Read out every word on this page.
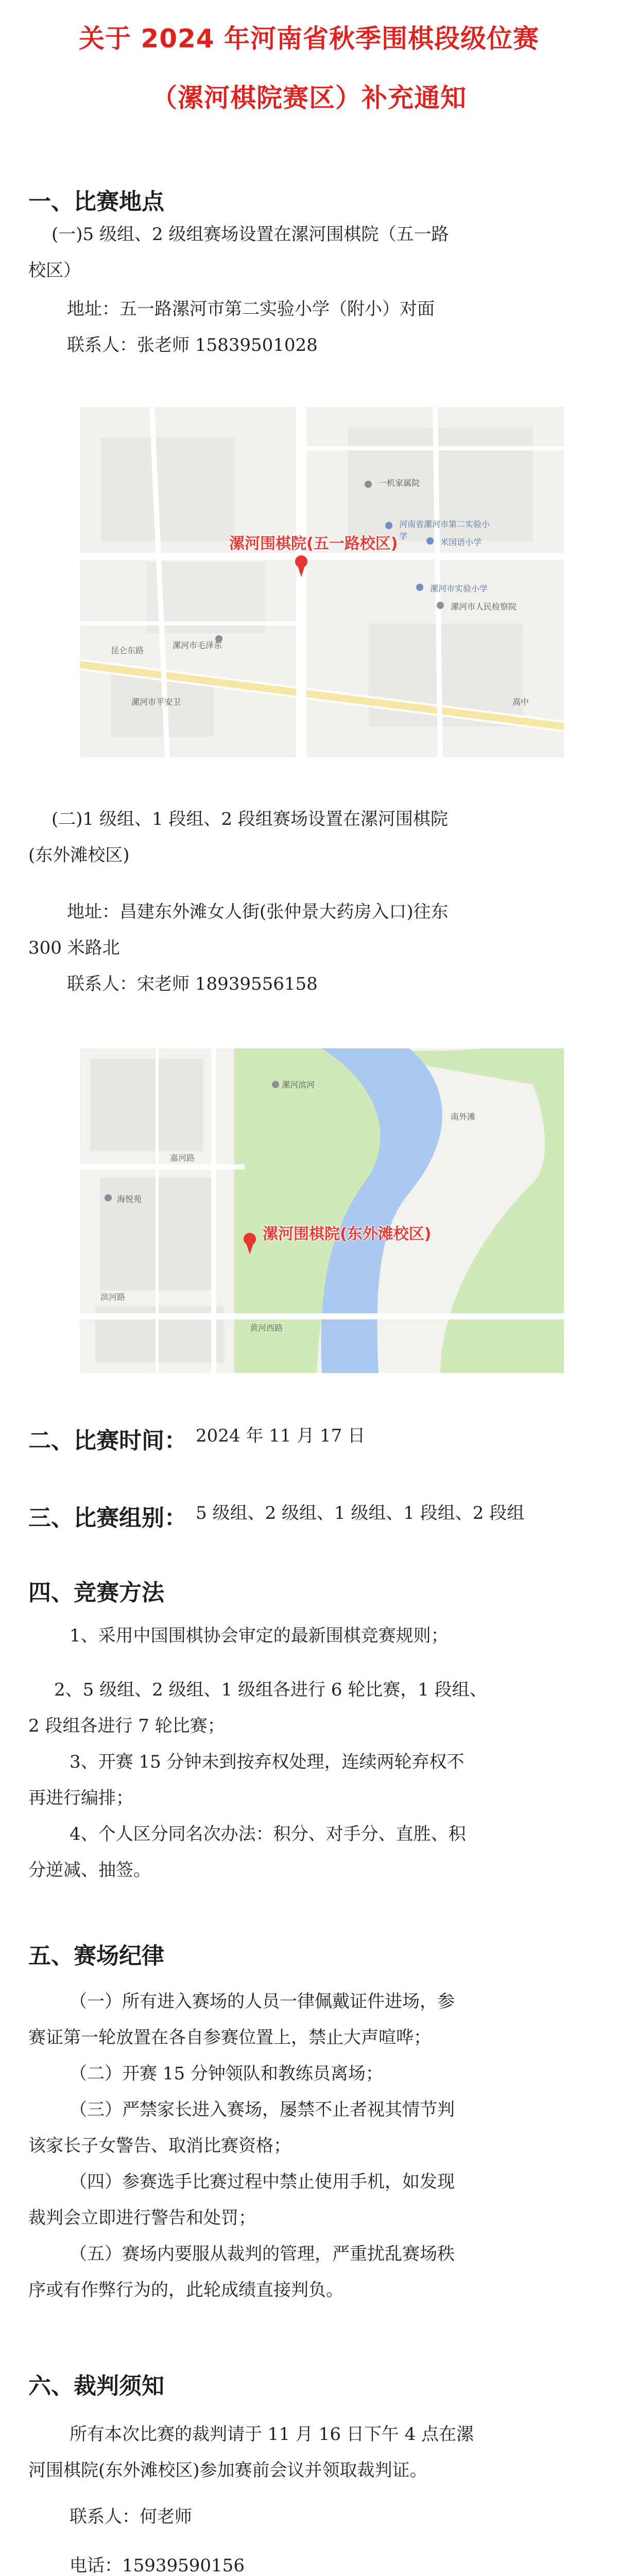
关于 2024 年河南省秋季围棋段级位赛
（漯河棋院赛区）补充通知
一、比赛地点
(一)5 级组、2 级组赛场设置在漯河围棋院（五一路
校区）
地址：五一路漯河市第二实验小学（附小）对面
联系人：张老师 15839501028
一机家属院
河南省漯河市第二实验小学
米国语小学
漯河市实验小学
漯河市人民检察院
昆仑东路
漯河市毛泽东
漯河市平安卫	高中
漯河围棋院(五一路校区)
(二)1 级组、1 段组、2 段组赛场设置在漯河围棋院
(东外滩校区)
地址：昌建东外滩女人街(张仲景大药房入口)往东
300 米路北
联系人：宋老师 18939556158
漯河滨河
南外滩
嘉河路
海悦苑
滨河路
黄河西路
漯河围棋院(东外滩校区)
二、比赛时间： 2024 年 11 月 17 日
三、比赛组别： 5 级组、2 级组、1 级组、1 段组、2 段组
四、竞赛方法
1、采用中国围棋协会审定的最新围棋竞赛规则；
2、5 级组、2 级组、1 级组各进行 6 轮比赛，1 段组、
2 段组各进行 7 轮比赛；
3、开赛 15 分钟未到按弃权处理，连续两轮弃权不
再进行编排；
4、个人区分同名次办法：积分、对手分、直胜、积
分逆减、抽签。
五、赛场纪律
（一）所有进入赛场的人员一律佩戴证件进场，参
赛证第一轮放置在各自参赛位置上，禁止大声喧哗；
（二）开赛 15 分钟领队和教练员离场；
（三）严禁家长进入赛场，屡禁不止者视其情节判
该家长子女警告、取消比赛资格；
（四）参赛选手比赛过程中禁止使用手机，如发现
裁判会立即进行警告和处罚；
（五）赛场内要服从裁判的管理，严重扰乱赛场秩
序或有作弊行为的，此轮成绩直接判负。
六、裁判须知
所有本次比赛的裁判请于 11 月 16 日下午 4 点在漯
河围棋院(东外滩校区)参加赛前会议并领取裁判证。
联系人：何老师
电话：15939590156
